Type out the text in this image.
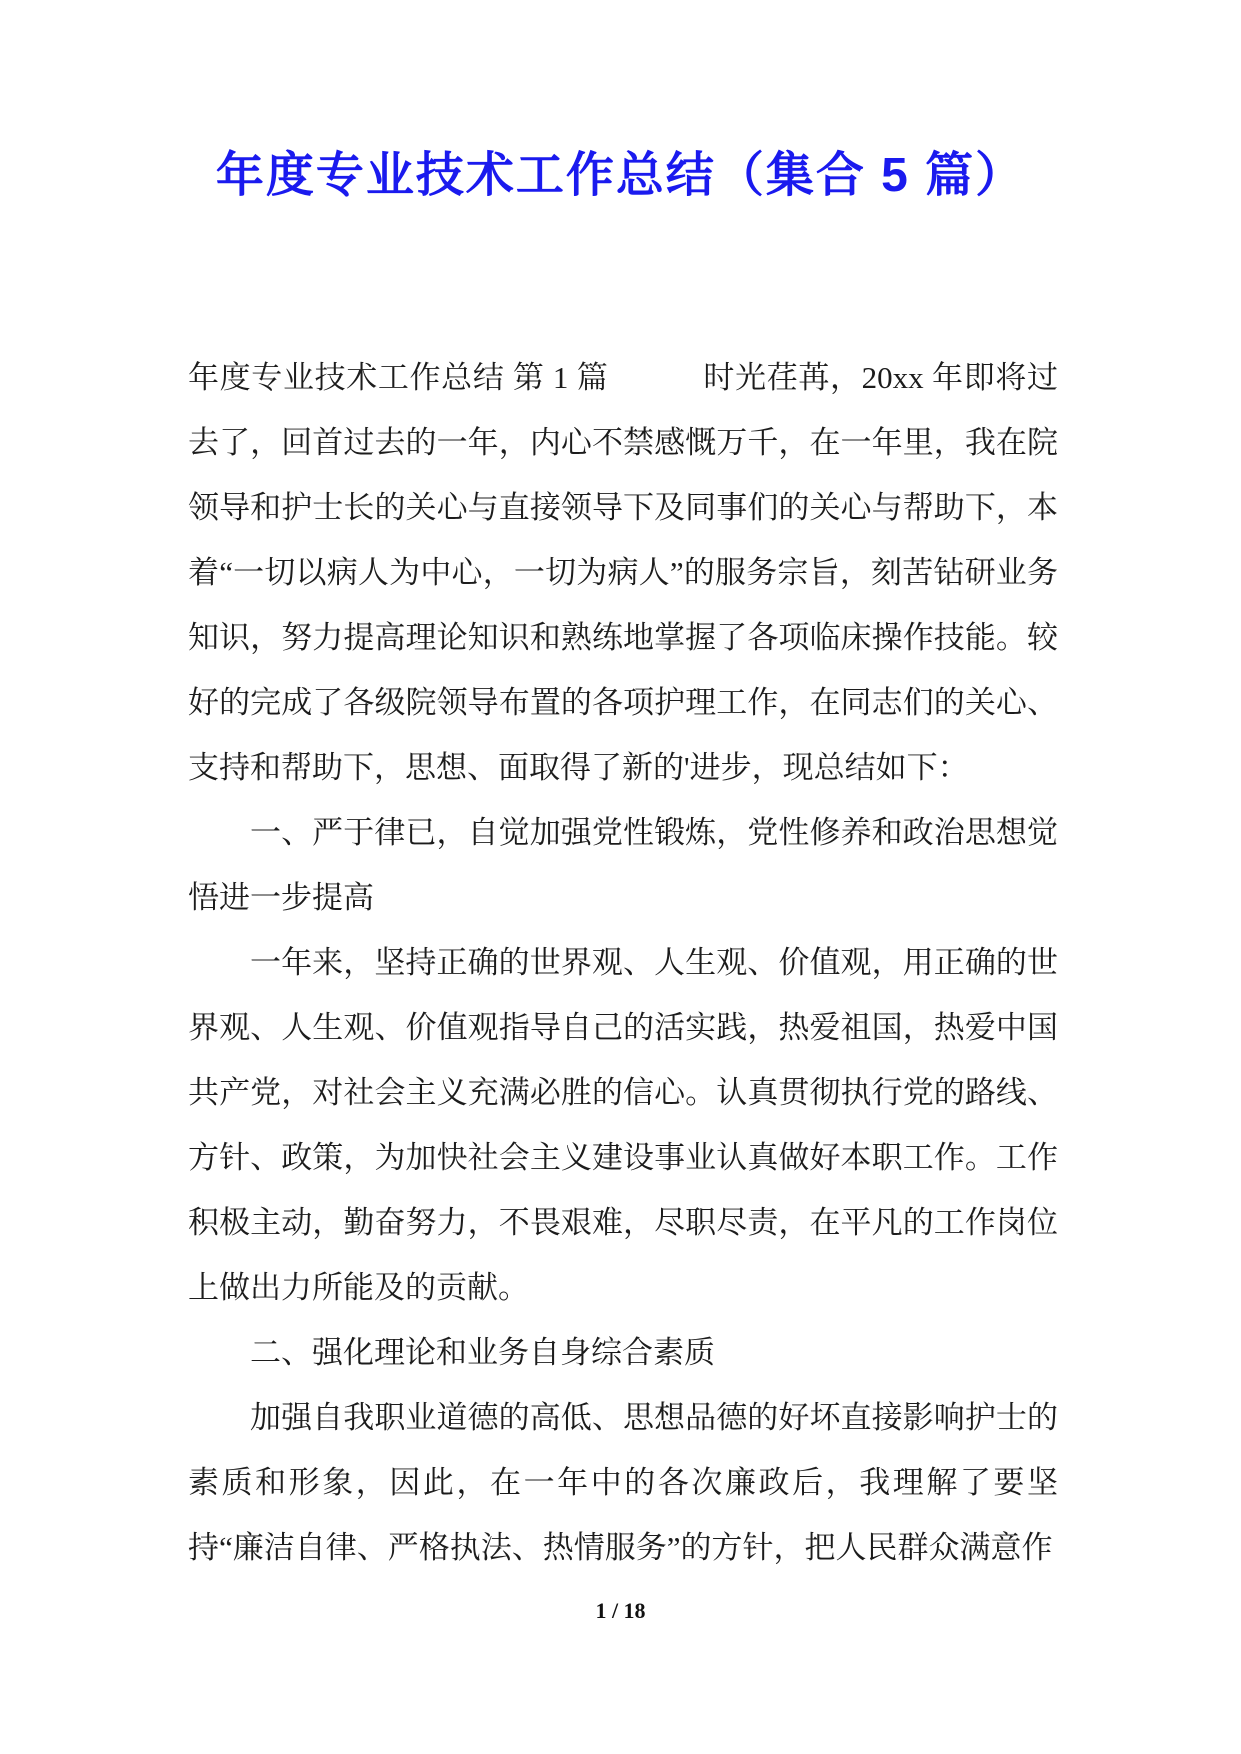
年度专业技术工作总结（集合 5 篇）

年度专业技术工作总结 第 1 篇　　　时光荏苒，20xx 年即将过去了，回首过去的一年，内心不禁感慨万千，在一年里，我在院领导和护士长的关心与直接领导下及同事们的关心与帮助下，本着“一切以病人为中心，一切为病人”的服务宗旨，刻苦钻研业务知识，努力提高理论知识和熟练地掌握了各项临床操作技能。较好的完成了各级院领导布置的各项护理工作，在同志们的关心、支持和帮助下，思想、面取得了新的'进步，现总结如下：

一、严于律已，自觉加强党性锻炼，党性修养和政治思想觉悟进一步提高

一年来，坚持正确的世界观、人生观、价值观，用正确的世界观、人生观、价值观指导自己的活实践，热爱祖国，热爱中国共产党，对社会主义充满必胜的信心。认真贯彻执行党的路线、方针、政策，为加快社会主义建设事业认真做好本职工作。工作积极主动，勤奋努力，不畏艰难，尽职尽责，在平凡的工作岗位上做出力所能及的贡献。

二、强化理论和业务自身综合素质

加强自我职业道德的高低、思想品德的好坏直接影响护士的素质和形象，因此，在一年中的各次廉政后，我理解了要坚持“廉洁自律、严格执法、热情服务”的方针，把人民群众满意作

1 / 18
